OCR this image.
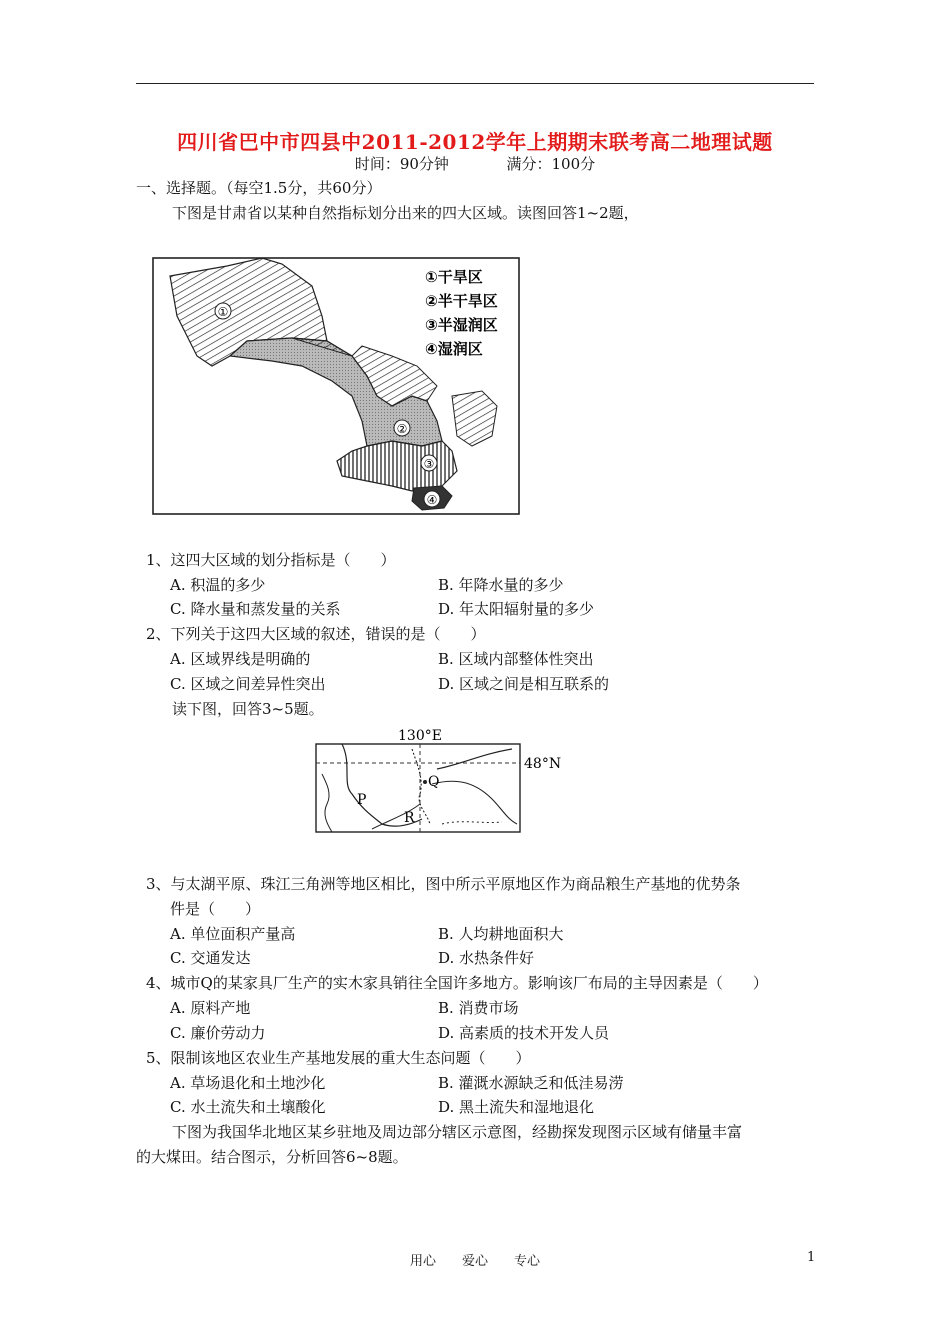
四川省巴中市四县中2011-2012学年上期期末联考高二地理试题
时间：90分钟	满分：100分
一、选择题。（每空1.5分，共60分）
下图是甘肃省以某种自然指标划分出来的四大区域。读图回答1~2题，
①
②
③
④
①干旱区
②半干旱区
③半湿润区
④湿润区
1、这四大区域的划分指标是（　　）
A. 积温的多少	B. 年降水量的多少
C. 降水量和蒸发量的关系	D. 年太阳辐射量的多少
2、下列关于这四大区域的叙述，错误的是（　　）
A. 区域界线是明确的	B. 区域内部整体性突出
C. 区域之间差异性突出	D. 区域之间是相互联系的
读下图，回答3~5题。
130°E
48°N
P
Q
R
3、与太湖平原、珠江三角洲等地区相比，图中所示平原地区作为商品粮生产基地的优势条
件是（　　）
A. 单位面积产量高	B. 人均耕地面积大
C. 交通发达	D. 水热条件好
4、城市Q的某家具厂生产的实木家具销往全国许多地方。影响该厂布局的主导因素是（　　）
A. 原料产地	B. 消费市场
C. 廉价劳动力	D. 高素质的技术开发人员
5、限制该地区农业生产基地发展的重大生态问题（　　）
A. 草场退化和土地沙化	B. 灌溉水源缺乏和低洼易涝
C. 水土流失和土壤酸化	D. 黑土流失和湿地退化
下图为我国华北地区某乡驻地及周边部分辖区示意图，经勘探发现图示区域有储量丰富
的大煤田。结合图示，分析回答6~8题。
用心　　爱心　　专心	1
